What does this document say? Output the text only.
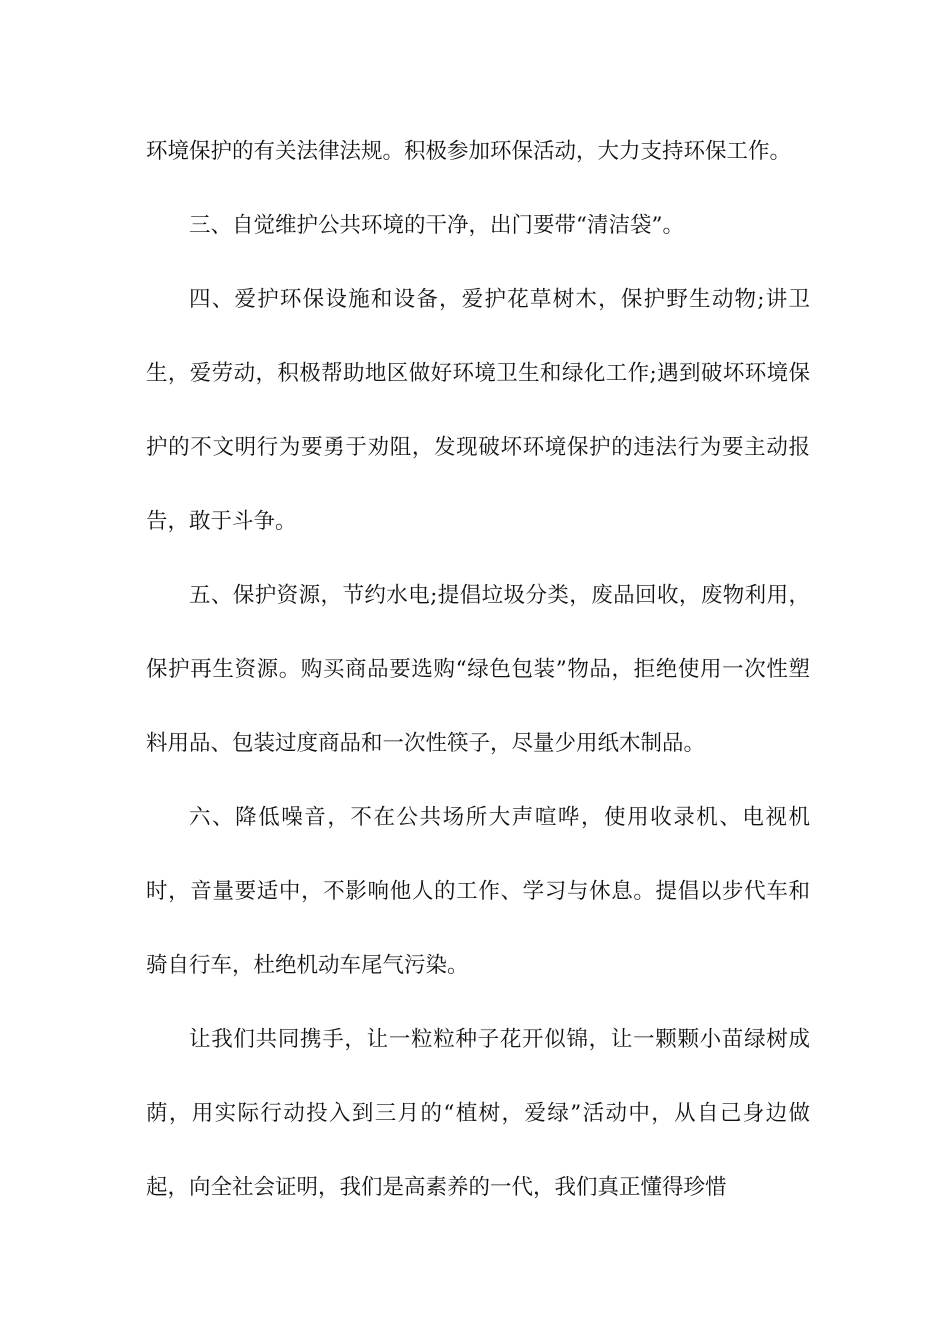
环境保护的有关法律法规。积极参加环保活动，大力支持环保工作。

三、自觉维护公共环境的干净，出门要带“清洁袋”。

四、爱护环保设施和设备，爱护花草树木，保护野生动物;讲卫生，爱劳动，积极帮助地区做好环境卫生和绿化工作;遇到破坏环境保护的不文明行为要勇于劝阻，发现破坏环境保护的违法行为要主动报告，敢于斗争。

五、保护资源，节约水电;提倡垃圾分类，废品回收，废物利用，保护再生资源。购买商品要选购“绿色包装”物品，拒绝使用一次性塑料用品、包装过度商品和一次性筷子，尽量少用纸木制品。

六、降低噪音，不在公共场所大声喧哗，使用收录机、电视机时，音量要适中，不影响他人的工作、学习与休息。提倡以步代车和骑自行车，杜绝机动车尾气污染。

让我们共同携手，让一粒粒种子花开似锦，让一颗颗小苗绿树成荫，用实际行动投入到三月的“植树，爱绿”活动中，从自己身边做起，向全社会证明，我们是高素养的一代，我们真正懂得珍惜
